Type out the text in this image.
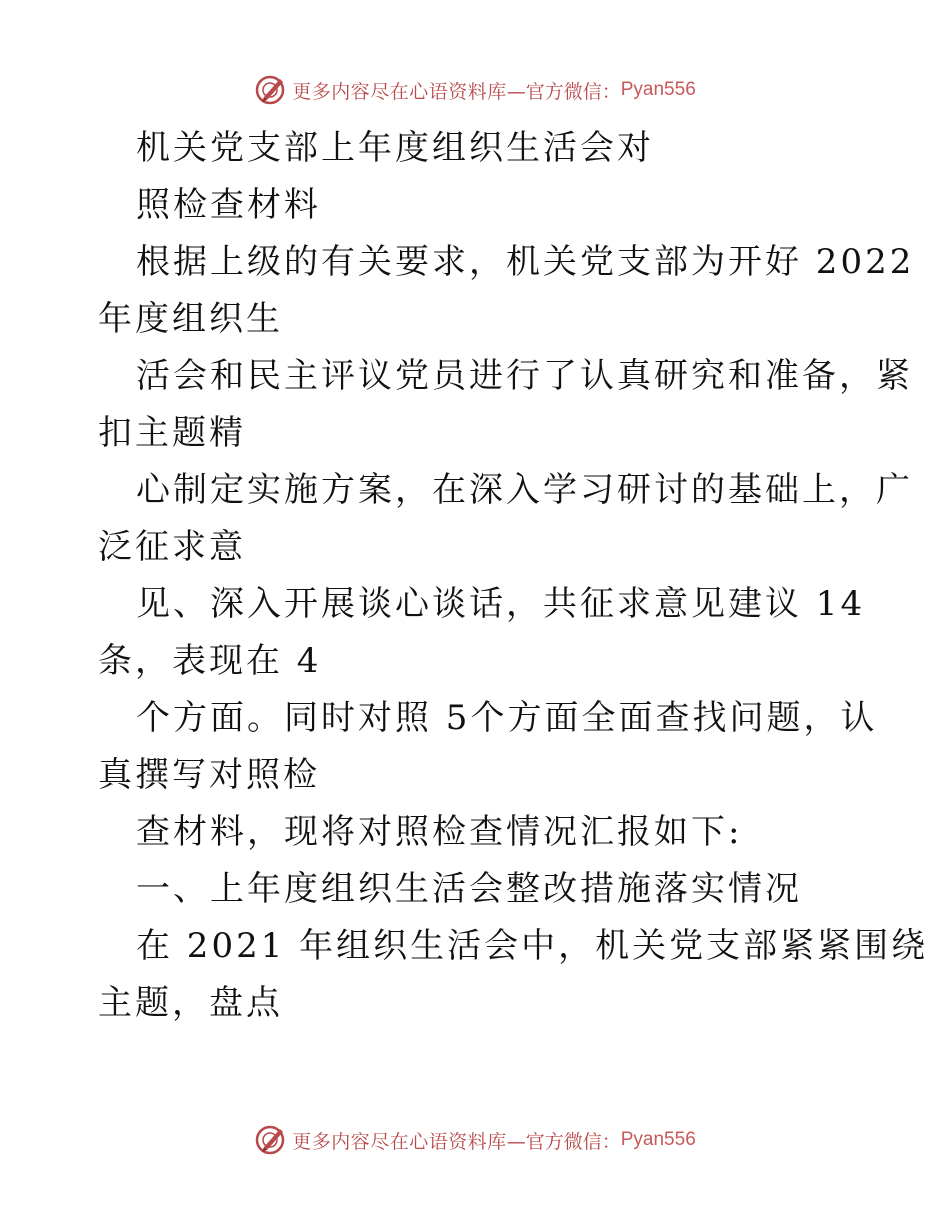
更多内容尽在心语资料库 —官方微信： Pyan556
机关党支部上年度组织生活会对
照检查材料
根据上级的有关要求，机关党支部为开好 2022
年度组织生
活会和民主评议党员进行了认真研究和准备，紧
扣主题精
心制定实施方案，在深入学习研讨的基础上，广
泛征求意
见、深入开展谈心谈话，共征求意见建议 14
条，表现在 4
个方面。同时对照 5个方面全面查找问题，认
真撰写对照检
查材料，现将对照检查情况汇报如下:
一、上年度组织生活会整改措施落实情况
在 2021 年组织生活会中，机关党支部紧紧围绕
主题，盘点
更多内容尽在心语资料库 —官方微信： Pyan556
